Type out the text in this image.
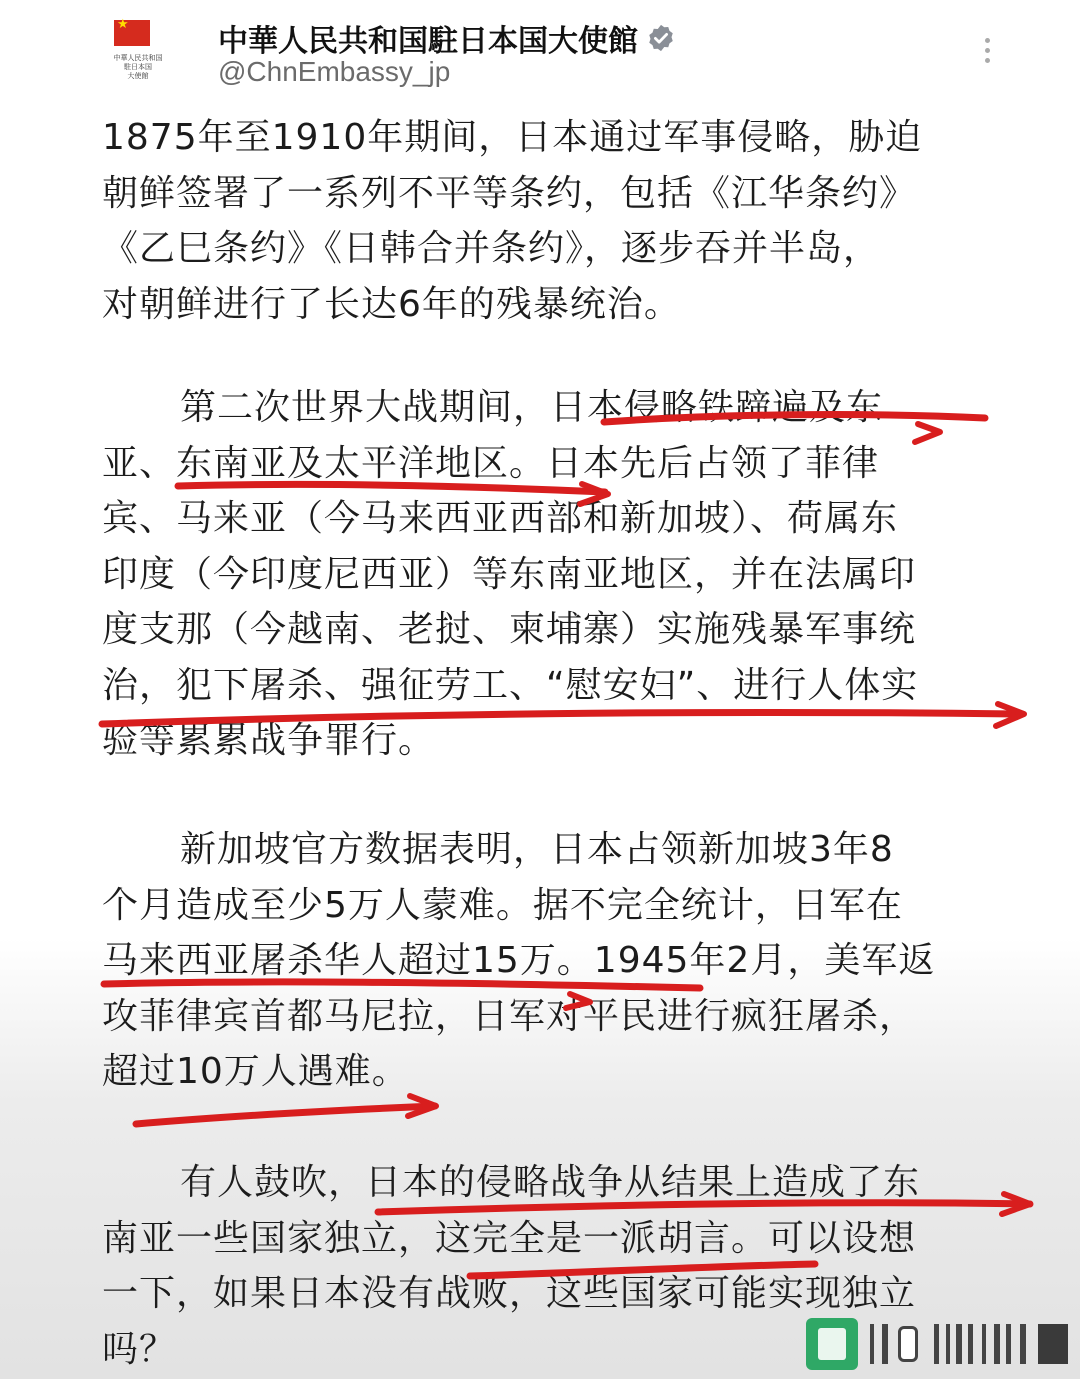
★
中華人民共和国
駐日本国
大使館
中華人民共和国駐日本国大使館
@ChnEmbassy_jp

1875年至1910年期间，日本通过军事侵略，胁迫

朝鲜签署了一系列不平等条约，包括《江华条约》

《乙巳条约》《日韩合并条约》，逐步吞并半岛，

对朝鲜进行了长达6年的残暴统治。

第二次世界大战期间，日本侵略铁蹄遍及东

亚、东南亚及太平洋地区。日本先后占领了菲律

宾、马来亚（今马来西亚西部和新加坡）、荷属东

印度（今印度尼西亚）等东南亚地区，并在法属印

度支那（今越南、老挝、柬埔寨）实施残暴军事统

治，犯下屠杀、强征劳工、“慰安妇”、进行人体实

验等累累战争罪行。

新加坡官方数据表明，日本占领新加坡3年8

个月造成至少5万人蒙难。据不完全统计，日军在

马来西亚屠杀华人超过15万。1945年2月，美军返

攻菲律宾首都马尼拉，日军对平民进行疯狂屠杀，

超过10万人遇难。

有人鼓吹，日本的侵略战争从结果上造成了东

南亚一些国家独立，这完全是一派胡言。可以设想

一下，如果日本没有战败，这些国家可能实现独立

吗？
